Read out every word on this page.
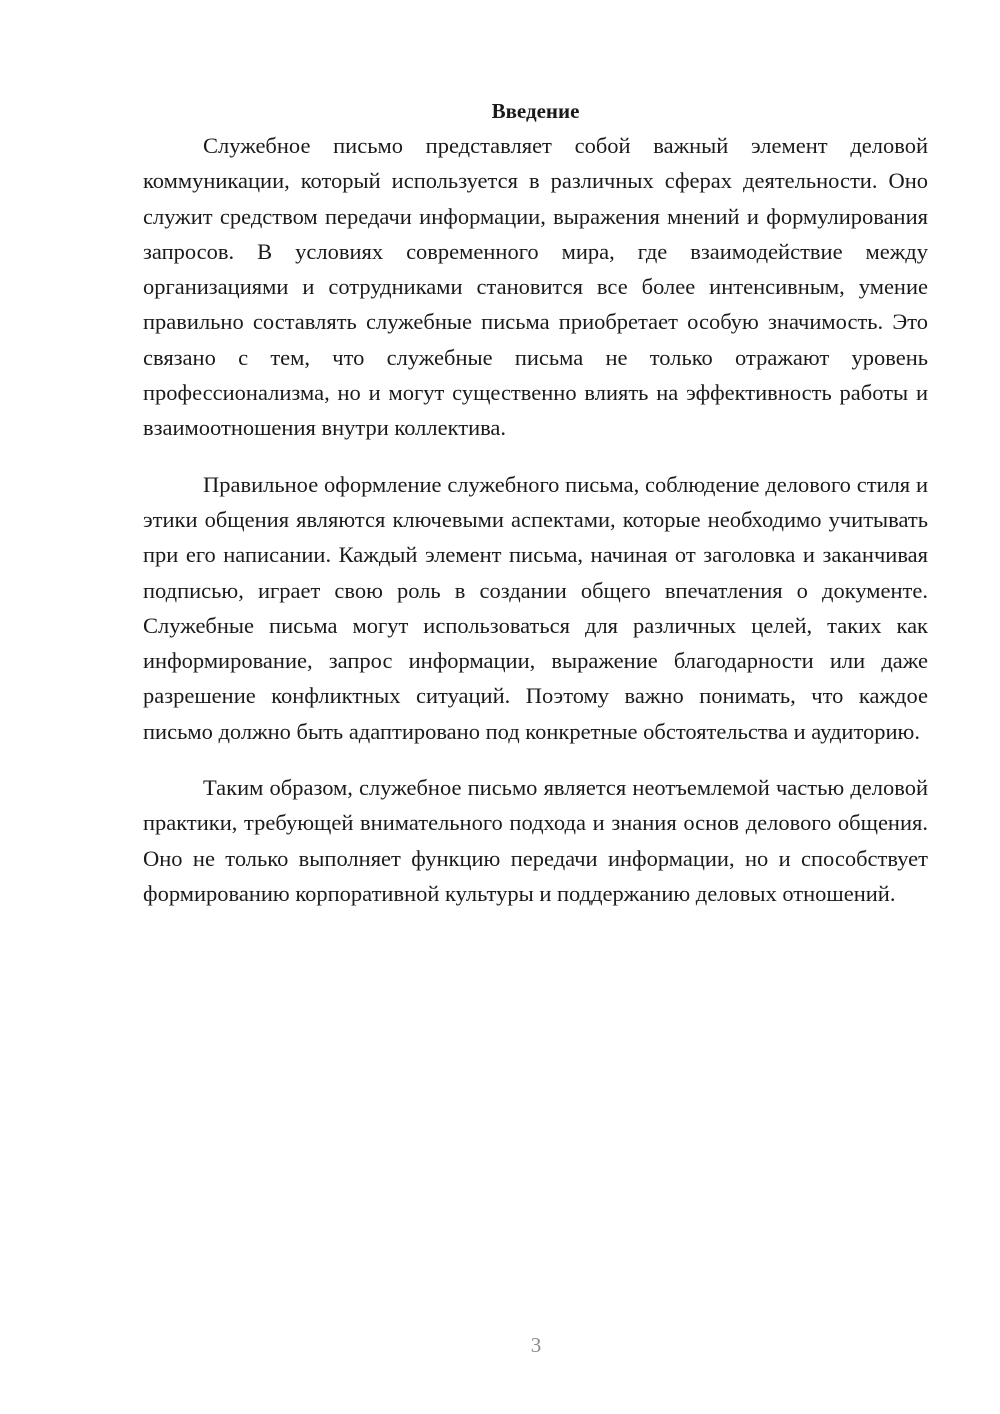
Введение

Служебное письмо представляет собой важный элемент деловой коммуникации, который используется в различных сферах деятельности. Оно служит средством передачи информации, выражения мнений и формулирования запросов. В условиях современного мира, где взаимодействие между организациями и сотрудниками становится все более интенсивным, умение правильно составлять служебные письма приобретает особую значимость. Это связано с тем, что служебные письма не только отражают уровень профессионализма, но и могут существенно влиять на эффективность работы и взаимоотношения внутри коллектива.

Правильное оформление служебного письма, соблюдение делового стиля и этики общения являются ключевыми аспектами, которые необходимо учитывать при его написании. Каждый элемент письма, начиная от заголовка и заканчивая подписью, играет свою роль в создании общего впечатления о документе. Служебные письма могут использоваться для различных целей, таких как информирование, запрос информации, выражение благодарности или даже разрешение конфликтных ситуаций. Поэтому важно понимать, что каждое письмо должно быть адаптировано под конкретные обстоятельства и аудиторию.

Таким образом, служебное письмо является неотъемлемой частью деловой практики, требующей внимательного подхода и знания основ делового общения. Оно не только выполняет функцию передачи информации, но и способствует формированию корпоративной культуры и поддержанию деловых отношений.

3
